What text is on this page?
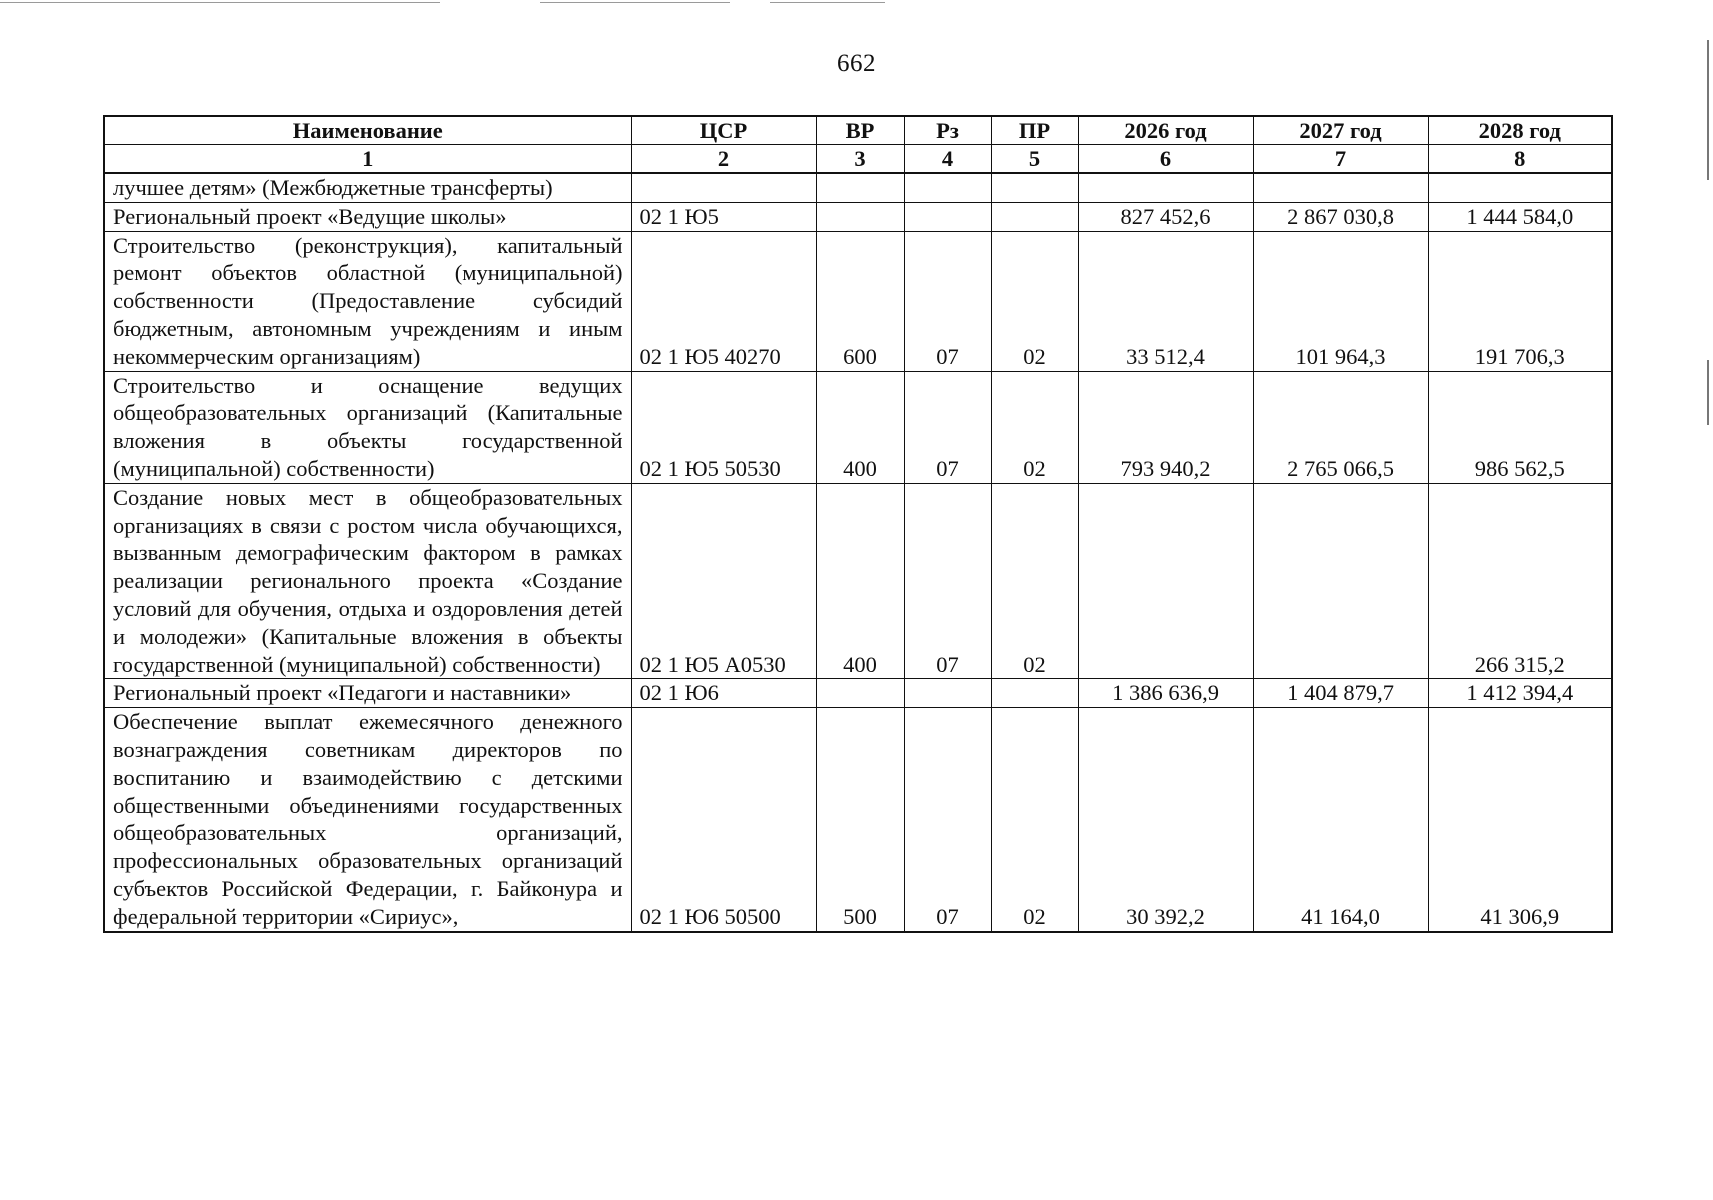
662
Наименование	ЦСР	ВР	Рз	ПР	2026 год	2027 год	2028 год
1	2	3	4	5	6	7	8
лучшее детям» (Межбюджетные трансферты)							
Региональный проект «Ведущие школы»	02 1 Ю5				827 452,6	2 867 030,8	1 444 584,0
Строительство (реконструкция), капитальный ремонт объектов областной (муниципальной) собственности (Предоставление субсидий бюджетным, автономным учреждениям и иным некоммерческим организациям)	02 1 Ю5 40270	600	07	02	33 512,4	101 964,3	191 706,3
Строительство и оснащение ведущих общеобразовательных организаций (Капитальные вложения в объекты государственной (муниципальной) собственности)	02 1 Ю5 50530	400	07	02	793 940,2	2 765 066,5	986 562,5
Создание новых мест в общеобразовательных организациях в связи с ростом числа обучающихся, вызванным демографическим фактором в рамках реализации регионального проекта «Создание условий для обучения, отдыха и оздоровления детей и молодежи» (Капитальные вложения в объекты государственной (муниципальной) собственности)	02 1 Ю5 А0530	400	07	02			266 315,2
Региональный проект «Педагоги и наставники»	02 1 Ю6				1 386 636,9	1 404 879,7	1 412 394,4
Обеспечение выплат ежемесячного денежного вознаграждения советникам директоров по воспитанию и взаимодействию с детскими общественными объединениями государственных общеобразовательных организаций, профессиональных образовательных организаций субъектов Российской Федерации, г. Байконура и федеральной территории «Сириус»,	02 1 Ю6 50500	500	07	02	30 392,2	41 164,0	41 306,9
